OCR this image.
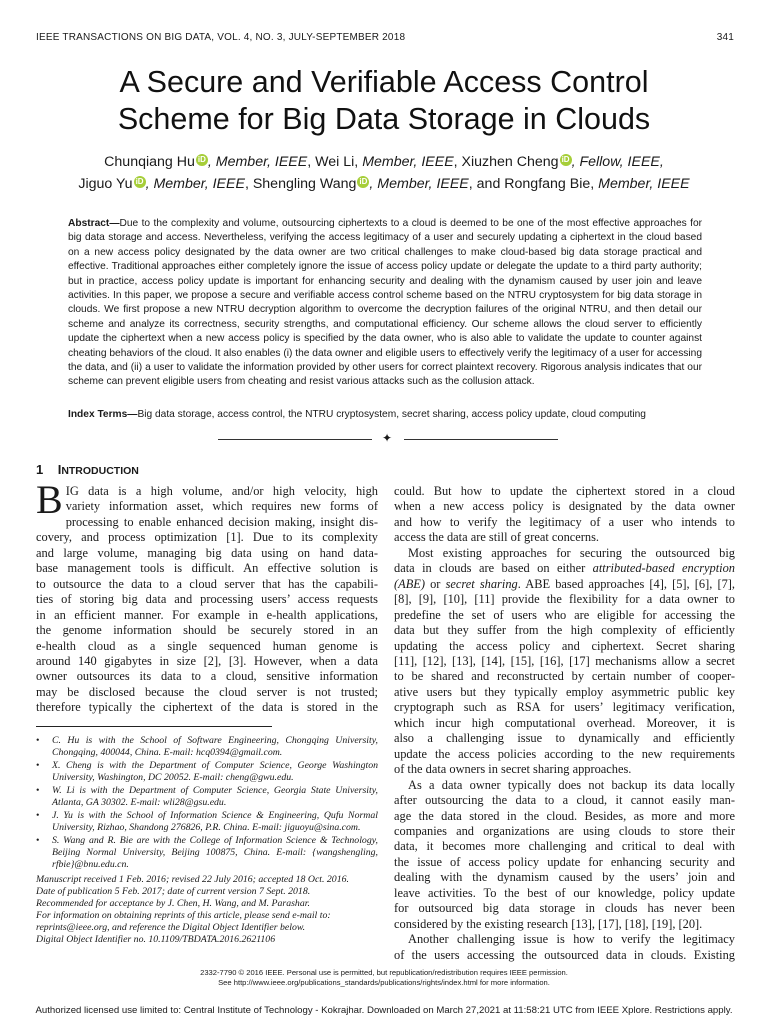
IEEE TRANSACTIONS ON BIG DATA, VOL. 4, NO. 3, JULY-SEPTEMBER 2018	341
A Secure and Verifiable Access Control
Scheme for Big Data Storage in Clouds
Chunqiang Hu iD , Member, IEEE, Wei Li, Member, IEEE, Xiuzhen Cheng iD , Fellow, IEEE,
Jiguo Yu iD , Member, IEEE, Shengling Wang iD , Member, IEEE, and Rongfang Bie, Member, IEEE
Abstract—Due to the complexity and volume, outsourcing ciphertexts to a cloud is deemed to be one of the most effective approaches for big data storage and access. Nevertheless, verifying the access legitimacy of a user and securely updating a ciphertext in the cloud based on a new access policy designated by the data owner are two critical challenges to make cloud-based big data storage practical and effective. Traditional approaches either completely ignore the issue of access policy update or delegate the update to a third party authority; but in practice, access policy update is important for enhancing security and dealing with the dynamism caused by user join and leave activities. In this paper, we propose a secure and verifiable access control scheme based on the NTRU cryptosystem for big data storage in clouds. We first propose a new NTRU decryption algorithm to overcome the decryption failures of the original NTRU, and then detail our scheme and analyze its correctness, security strengths, and computational efficiency. Our scheme allows the cloud server to efficiently update the ciphertext when a new access policy is specified by the data owner, who is also able to validate the update to counter against cheating behaviors of the cloud. It also enables (i) the data owner and eligible users to effectively verify the legitimacy of a user for accessing the data, and (ii) a user to validate the information provided by other users for correct plaintext recovery. Rigorous analysis indicates that our scheme can prevent eligible users from cheating and resist various attacks such as the collusion attack.
Index Terms—Big data storage, access control, the NTRU cryptosystem, secret sharing, access policy update, cloud computing
✦
1 INTRODUCTION
B IG data is a high volume, and/or high velocity, high
variety information asset, which requires new forms of
processing to enable enhanced decision making, insight dis-
covery, and process optimization [1]. Due to its complexity
and large volume, managing big data using on hand data-
base management tools is difficult. An effective solution is
to outsource the data to a cloud server that has the capabili-
ties of storing big data and processing users’ access requests
in an efficient manner. For example in e-health applications,
the genome information should be securely stored in an
e-health cloud as a single sequenced human genome is
around 140 gigabytes in size [2], [3]. However, when a data
owner outsources its data to a cloud, sensitive information
may be disclosed because the cloud server is not trusted;
therefore typically the ciphertext of the data is stored in the
• C. Hu is with the School of Software Engineering, Chongqing University, Chongqing, 400044, China. E-mail: hcq0394@gmail.com.
• X. Cheng is with the Department of Computer Science, George Washington University, Washington, DC 20052. E-mail: cheng@gwu.edu.
• W. Li is with the Department of Computer Science, Georgia State University, Atlanta, GA 30302. E-mail: wli28@gsu.edu.
• J. Yu is with the School of Information Science & Engineering, Qufu Normal University, Rizhao, Shandong 276826, P.R. China. E-mail: jiguoyu@sina.com.
• S. Wang and R. Bie are with the College of Information Science & Technology, Beijing Normal University, Beijing 100875, China. E-mail: {wangshengling, rfbie}@bnu.edu.cn.
Manuscript received 1 Feb. 2016; revised 22 July 2016; accepted 18 Oct. 2016.
Date of publication 5 Feb. 2017; date of current version 7 Sept. 2018.
Recommended for acceptance by J. Chen, H. Wang, and M. Parashar.
For information on obtaining reprints of this article, please send e-mail to:
reprints@ieee.org, and reference the Digital Object Identifier below.
Digital Object Identifier no. 10.1109/TBDATA.2016.2621106
could. But how to update the ciphertext stored in a cloud
when a new access policy is designated by the data owner
and how to verify the legitimacy of a user who intends to
access the data are still of great concerns.
Most existing approaches for securing the outsourced big
data in clouds are based on either attributed-based encryption
(ABE) or secret sharing. ABE based approaches [4], [5], [6], [7],
[8], [9], [10], [11] provide the flexibility for a data owner to
predefine the set of users who are eligible for accessing the
data but they suffer from the high complexity of efficiently
updating the access policy and ciphertext. Secret sharing
[11], [12], [13], [14], [15], [16], [17] mechanisms allow a secret
to be shared and reconstructed by certain number of cooper-
ative users but they typically employ asymmetric public key
cryptograph such as RSA for users’ legitimacy verification,
which incur high computational overhead. Moreover, it is
also a challenging issue to dynamically and efficiently
update the access policies according to the new requirements
of the data owners in secret sharing approaches.
As a data owner typically does not backup its data locally
after outsourcing the data to a cloud, it cannot easily man-
age the data stored in the cloud. Besides, as more and more
companies and organizations are using clouds to store their
data, it becomes more challenging and critical to deal with
the issue of access policy update for enhancing security and
dealing with the dynamism caused by the users’ join and
leave activities. To the best of our knowledge, policy update
for outsourced big data storage in clouds has never been
considered by the existing research [13], [17], [18], [19], [20].
Another challenging issue is how to verify the legitimacy
of the users accessing the outsourced data in clouds. Existing
2332-7790 © 2016 IEEE. Personal use is permitted, but republication/redistribution requires IEEE permission.
See http://www.ieee.org/publications_standards/publications/rights/index.html for more information.
Authorized licensed use limited to: Central Institute of Technology - Kokrajhar. Downloaded on March 27,2021 at 11:58:21 UTC from IEEE Xplore. Restrictions apply.
